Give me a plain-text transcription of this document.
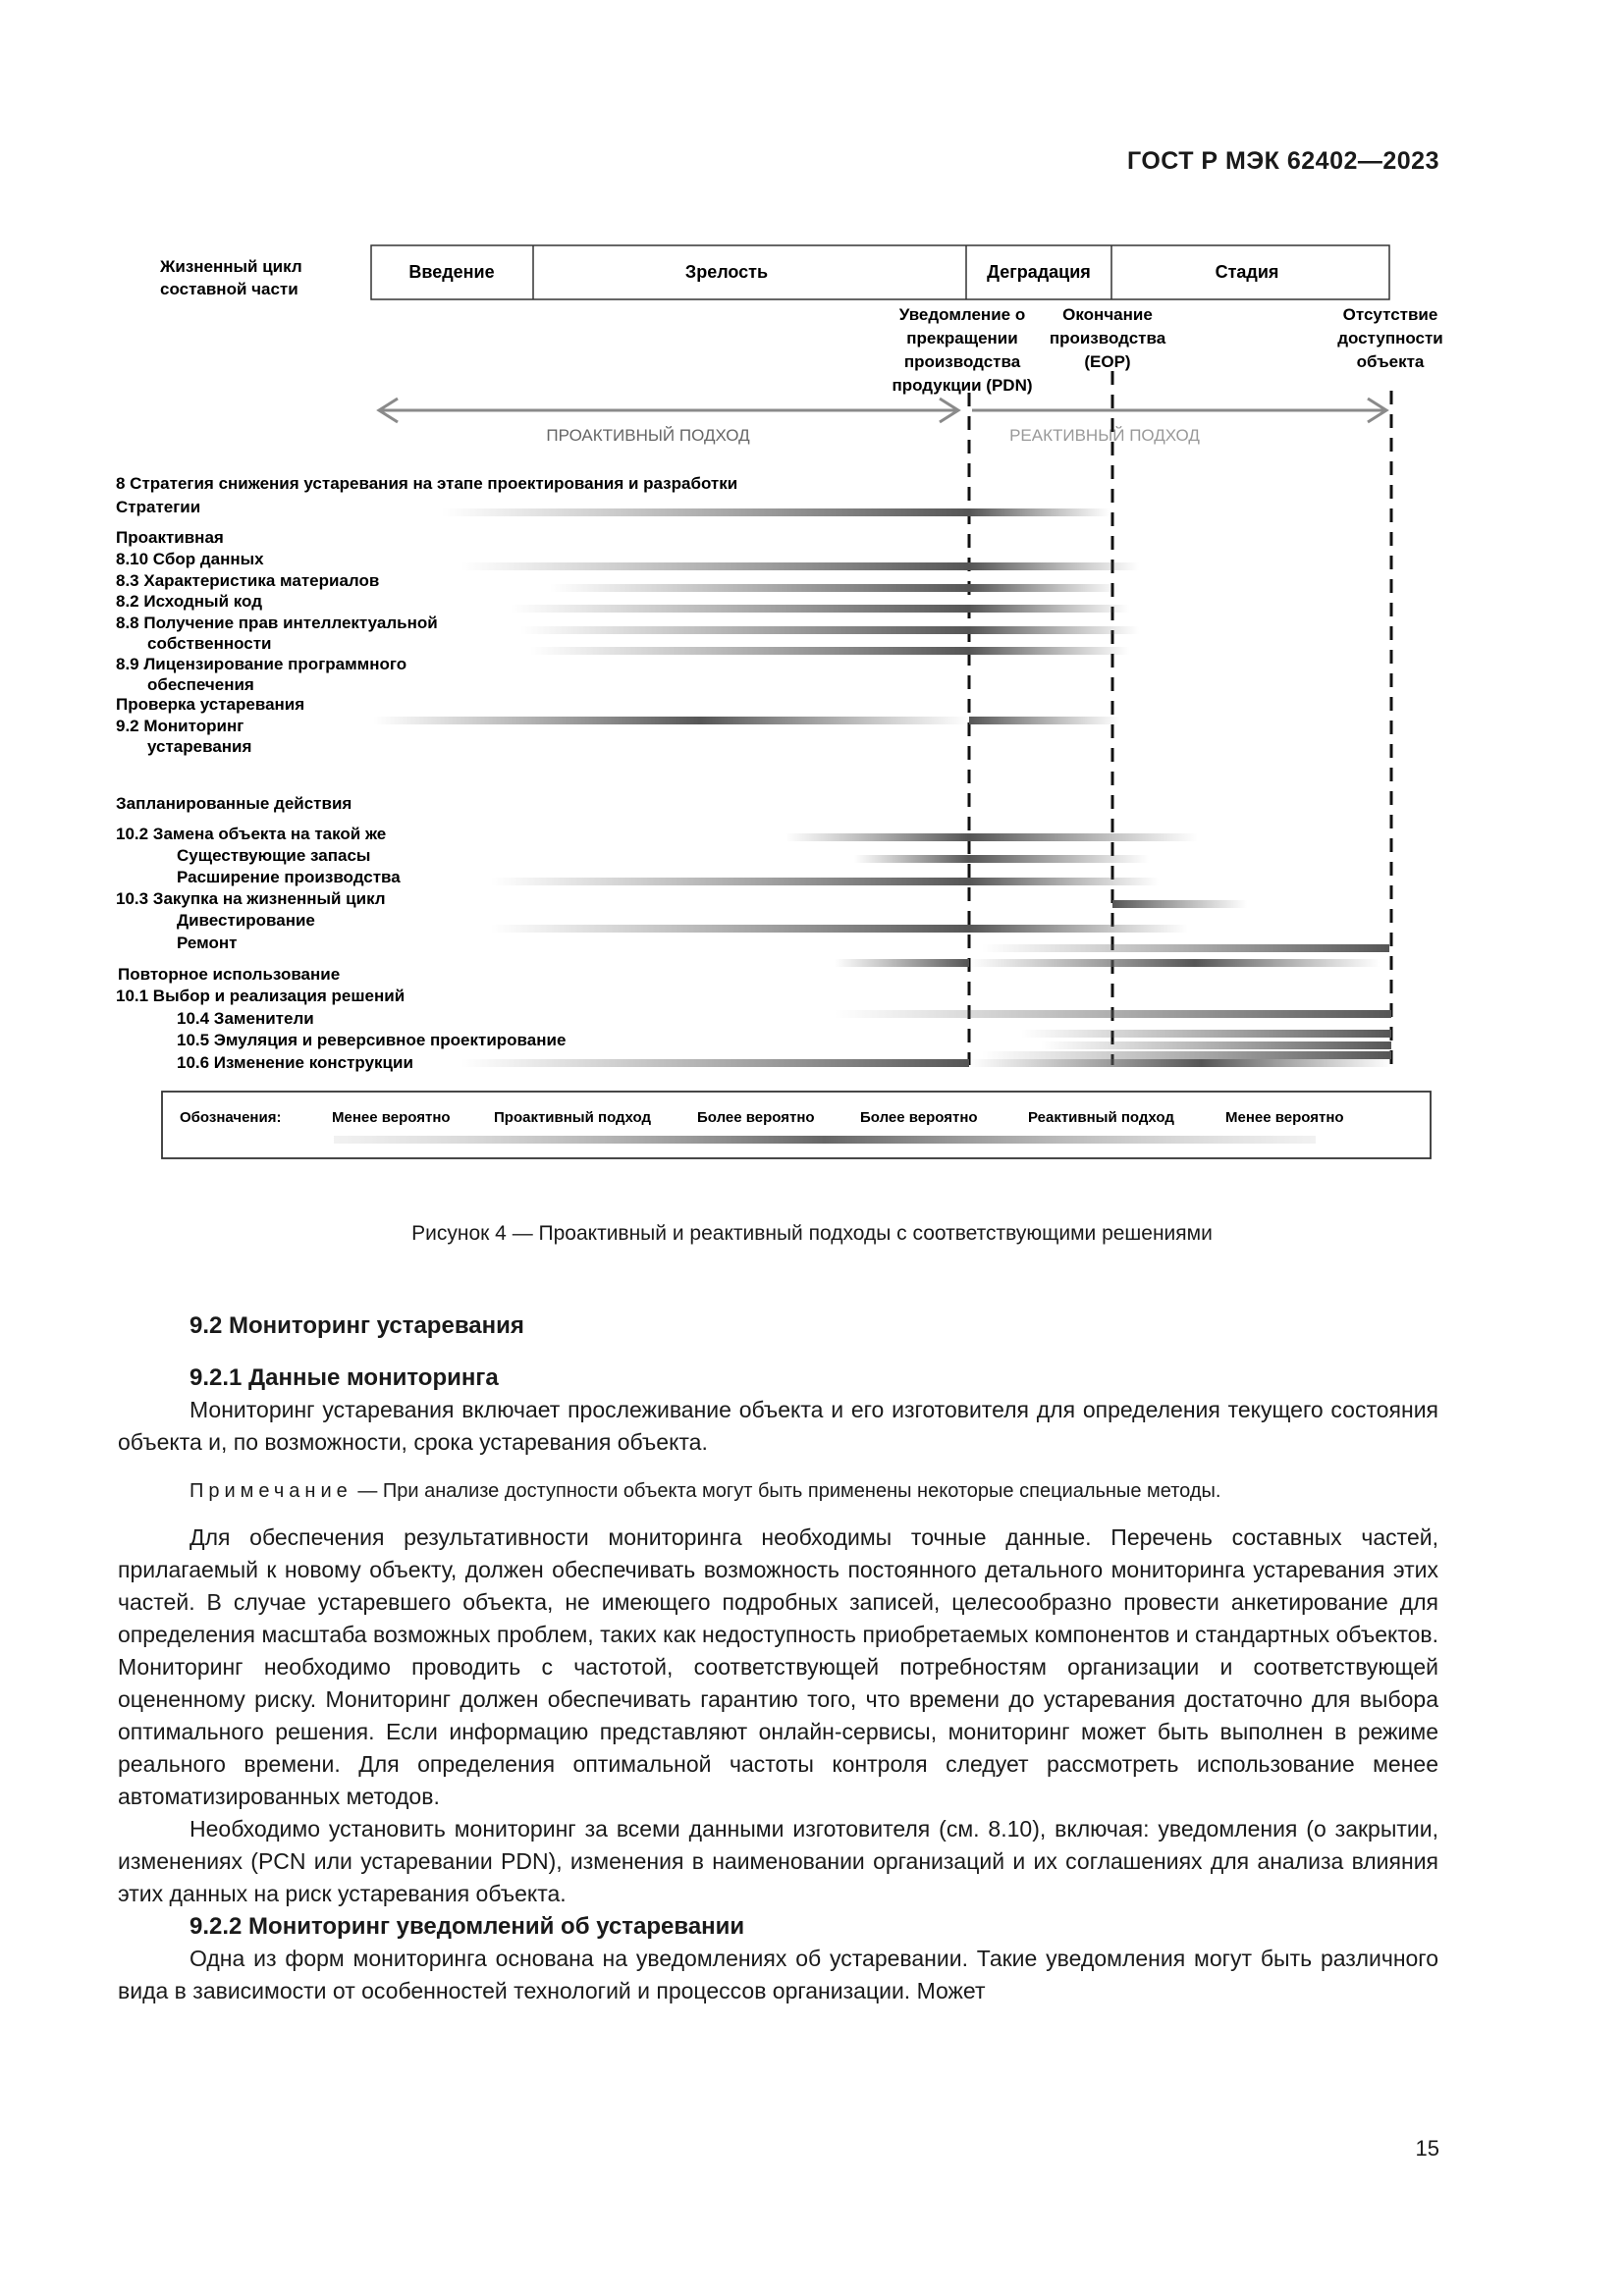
ГОСТ Р МЭК 62402—2023
Жизненный цикл
составной части
Введение	Зрелость	Деградация	Стадия
Уведомление о
прекращении
производства
продукции (PDN)
Окончание
производства
(EOP)
Отсутствие
доступности
объекта
ПРОАКТИВНЫЙ ПОДХОД	РЕАКТИВНЫЙ ПОДХОД
8 Стратегия снижения устаревания на этапе проектирования и разработки
Стратегии
Проактивная
8.10 Сбор данных
8.3 Характеристика материалов
8.2 Исходный код
8.8 Получение прав интеллектуальной
собственности
8.9 Лицензирование программного
обеспечения
Проверка устаревания
9.2 Мониторинг
устаревания
Запланированные действия
10.2 Замена объекта на такой же
Существующие запасы
Расширение производства
10.3 Закупка на жизненный цикл
Дивестирование
Ремонт
Повторное использование
10.1 Выбор и реализация решений
10.4 Заменители
10.5 Эмуляция и реверсивное проектирование
10.6 Изменение конструкции
Обозначения:	Менее вероятно	Проактивный подход	Более вероятно	Более вероятно	Реактивный подход	Менее вероятно
Рисунок 4 — Проактивный и реактивный подходы с соответствующими решениями
9.2 Мониторинг устаревания
9.2.1 Данные мониторинга

Мониторинг устаревания включает прослеживание объекта и его изготовителя для определения текущего состояния объекта и, по возможности, срока устаревания объекта.

Примечание — При анализе доступности объекта могут быть применены некоторые специальные методы.

Для обеспечения результативности мониторинга необходимы точные данные. Перечень составных частей, прилагаемый к новому объекту, должен обеспечивать возможность постоянного детального мониторинга устаревания этих частей. В случае устаревшего объекта, не имеющего подробных записей, целесообразно провести анкетирование для определения масштаба возможных проблем, таких как недоступность приобретаемых компонентов и стандартных объектов. Мониторинг необходимо проводить с частотой, соответствующей потребностям организации и соответствующей оцененному риску. Мониторинг должен обеспечивать гарантию того, что времени до устаревания достаточно для выбора оптимального решения. Если информацию представляют онлайн-сервисы, мониторинг может быть выполнен в режиме реального времени. Для определения оптимальной частоты контроля следует рассмотреть использование менее автоматизированных методов.

Необходимо установить мониторинг за всеми данными изготовителя (см. 8.10), включая: уведомления (о закрытии, изменениях (PCN или устаревании PDN), изменения в наименовании организаций и их соглашениях для анализа влияния этих данных на риск устаревания объекта.

9.2.2 Мониторинг уведомлений об устаревании

Одна из форм мониторинга основана на уведомлениях об устаревании. Такие уведомления могут быть различного вида в зависимости от особенностей технологий и процессов организации. Может

15
